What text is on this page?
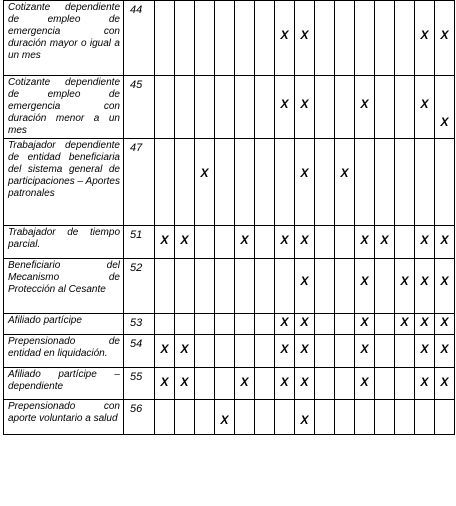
Cotizante dependiente de empleo de emergencia con duración mayor o igual a un mes	44							X	X						X	X

Cotizante dependiente de empleo de emergencia con duración menor a un mes	45							X	X			X			X	X

Trabajador dependiente de entidad beneficiaria del sistema general de participaciones – Aportes patronales	47			X					X		X					

Trabajador de tiempo parcial.	51	X	X			X		X	X			X	X		X	X

Beneficiario del Mecanismo de Protección al Cesante	52								X			X		X	X	X

Afiliado partícipe	53							X	X			X		X	X	X

Prepensionado de entidad en liquidación.	54	X	X					X	X			X			X	X

Afiliado partícipe – dependiente	55	X	X			X		X	X			X			X	X

Prepensionado con aporte voluntario a salud	56				X				X							
